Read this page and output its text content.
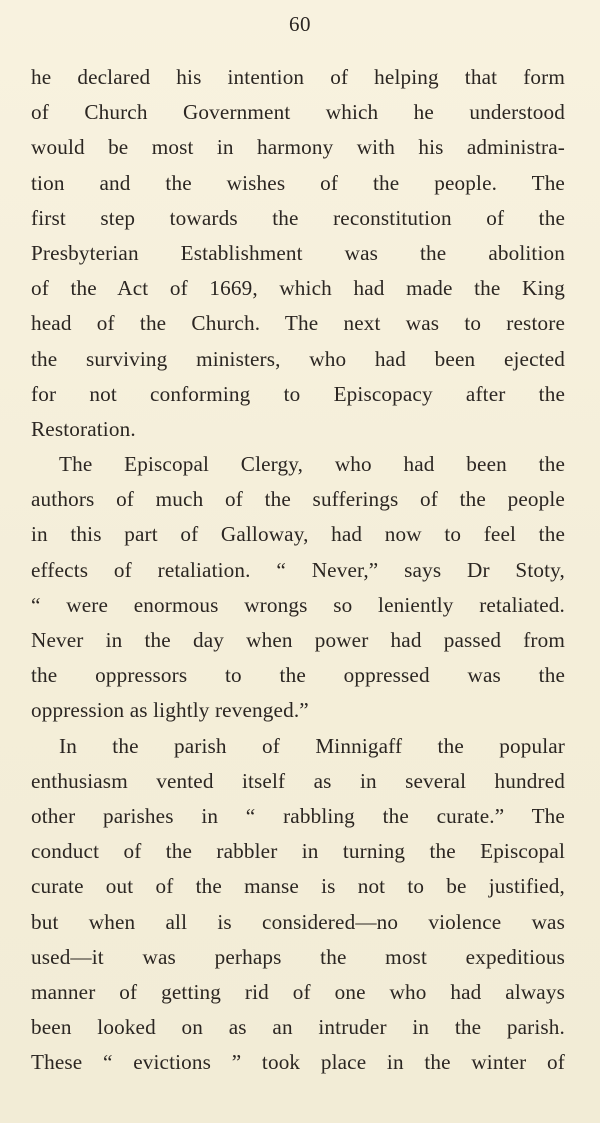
60
he declared his intention of helping that form
of Church Government which he understood
would be most in harmony with his administra-
tion and the wishes of the people. The
first step towards the reconstitution of the
Presbyterian Establishment was the abolition
of the Act of 1669, which had made the King
head of the Church. The next was to restore
the surviving ministers, who had been ejected
for not conforming to Episcopacy after the
Restoration.
The Episcopal Clergy, who had been the
authors of much of the sufferings of the people
in this part of Galloway, had now to feel the
effects of retaliation. “ Never,” says Dr Stoty,
“ were enormous wrongs so leniently retaliated.
Never in the day when power had passed from
the oppressors to the oppressed was the
oppression as lightly revenged.”
In the parish of Minnigaff the popular
enthusiasm vented itself as in several hundred
other parishes in “ rabbling the curate.” The
conduct of the rabbler in turning the Episcopal
curate out of the manse is not to be justified,
but when all is considered—no violence was
used—it was perhaps the most expeditious
manner of getting rid of one who had always
been looked on as an intruder in the parish.
These “ evictions ” took place in the winter of
